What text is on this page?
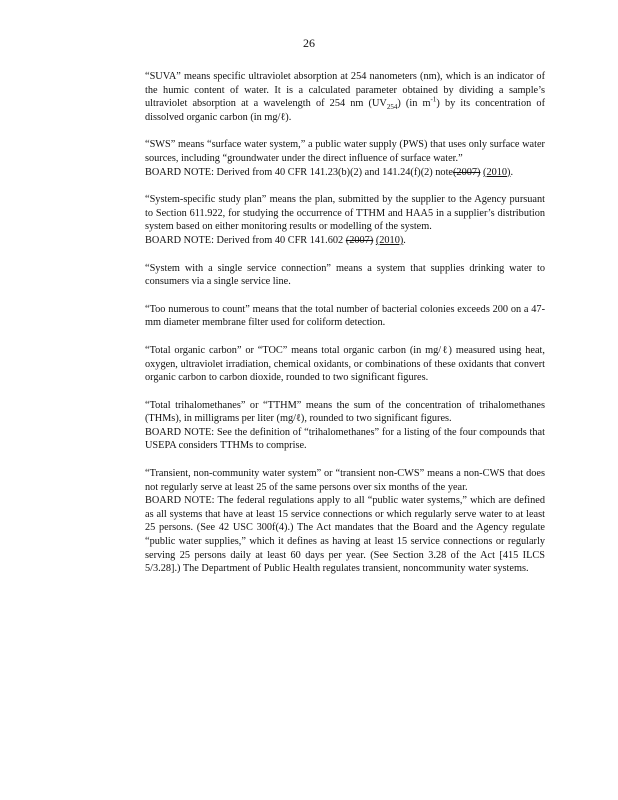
26

“SUVA” means specific ultraviolet absorption at 254 nanometers (nm), which is an indicator of the humic content of water. It is a calculated parameter obtained by dividing a sample’s ultraviolet absorption at a wavelength of 254 nm $(UV_{254})$ (in $m^{-1}$) by its concentration of dissolved organic carbon (in mg/ℓ).

“SWS” means “surface water system,” a public water supply (PWS) that uses only surface water sources, including “groundwater under the direct influence of surface water.”
BOARD NOTE: Derived from 40 CFR 141.23(b)(2) and 141.24(f)(2) note(2007) (2010).

“System-specific study plan” means the plan, submitted by the supplier to the Agency pursuant to Section 611.922, for studying the occurrence of TTHM and HAA5 in a supplier’s distribution system based on either monitoring results or modelling of the system.
BOARD NOTE: Derived from 40 CFR 141.602 (2007) (2010).

“System with a single service connection” means a system that supplies drinking water to consumers via a single service line.

“Too numerous to count” means that the total number of bacterial colonies exceeds 200 on a 47-mm diameter membrane filter used for coliform detection.

“Total organic carbon” or “TOC” means total organic carbon (in mg/ℓ) measured using heat, oxygen, ultraviolet irradiation, chemical oxidants, or combinations of these oxidants that convert organic carbon to carbon dioxide, rounded to two significant figures.

“Total trihalomethanes” or “TTHM” means the sum of the concentration of trihalomethanes (THMs), in milligrams per liter (mg/ℓ), rounded to two significant figures.
BOARD NOTE: See the definition of “trihalomethanes” for a listing of the four compounds that USEPA considers TTHMs to comprise.

“Transient, non-community water system” or “transient non-CWS” means a non-CWS that does not regularly serve at least 25 of the same persons over six months of the year.
BOARD NOTE: The federal regulations apply to all “public water systems,” which are defined as all systems that have at least 15 service connections or which regularly serve water to at least 25 persons. (See 42 USC 300f(4).) The Act mandates that the Board and the Agency regulate “public water supplies,” which it defines as having at least 15 service connections or regularly serving 25 persons daily at least 60 days per year. (See Section 3.28 of the Act [415 ILCS 5/3.28].) The Department of Public Health regulates transient, noncommunity water systems.
